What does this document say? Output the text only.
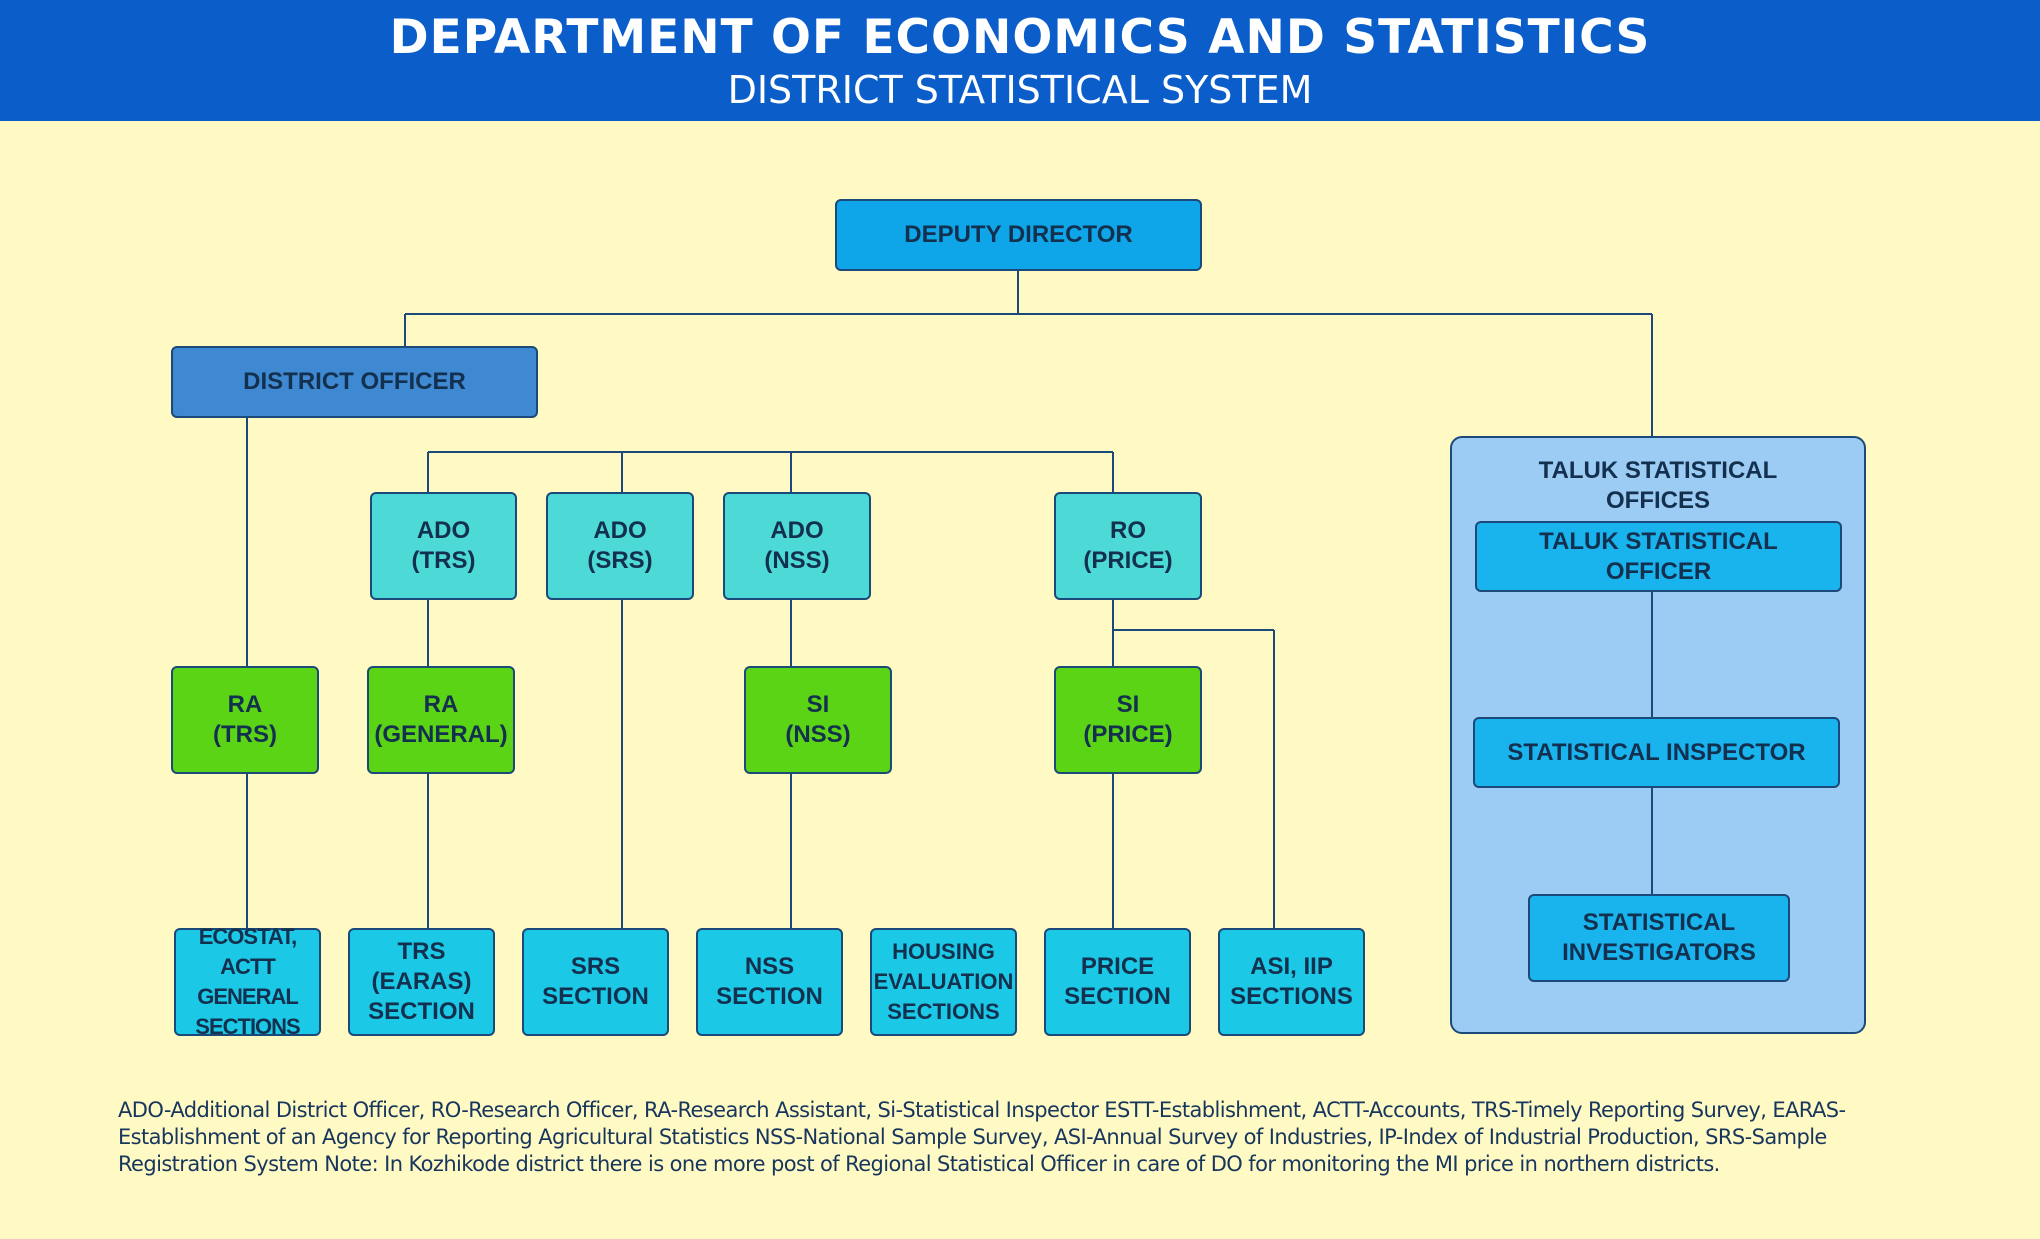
DEPARTMENT OF ECONOMICS AND STATISTICS
DISTRICT STATISTICAL SYSTEM
TALUK STATISTICAL
OFFICES
DEPUTY DIRECTOR
DISTRICT OFFICER
ADO
(TRS)
ADO
(SRS)
ADO
(NSS)
RO
(PRICE)
RA
(TRS)
RA
(GENERAL)
SI
(NSS)
SI
(PRICE)
ECOSTAT, ACTT
GENERAL
SECTIONS
TRS
(EARAS)
SECTION
SRS
SECTION
NSS
SECTION
HOUSING
EVALUATION
SECTIONS
PRICE
SECTION
ASI, IIP
SECTIONS
TALUK STATISTICAL
OFFICER
STATISTICAL INSPECTOR
STATISTICAL
INVESTIGATORS
ADO-Additional District Officer, RO-Research Officer, RA-Research Assistant, Si-Statistical Inspector ESTT-Establishment, ACTT-Accounts, TRS-Timely Reporting Survey, EARAS-Establishment of an Agency for Reporting Agricultural Statistics NSS-National Sample Survey, ASI-Annual Survey of Industries, IP-Index of Industrial Production, SRS-Sample Registration System Note: In Kozhikode district there is one more post of Regional Statistical Officer in care of DO for monitoring the MI price in northern districts.
